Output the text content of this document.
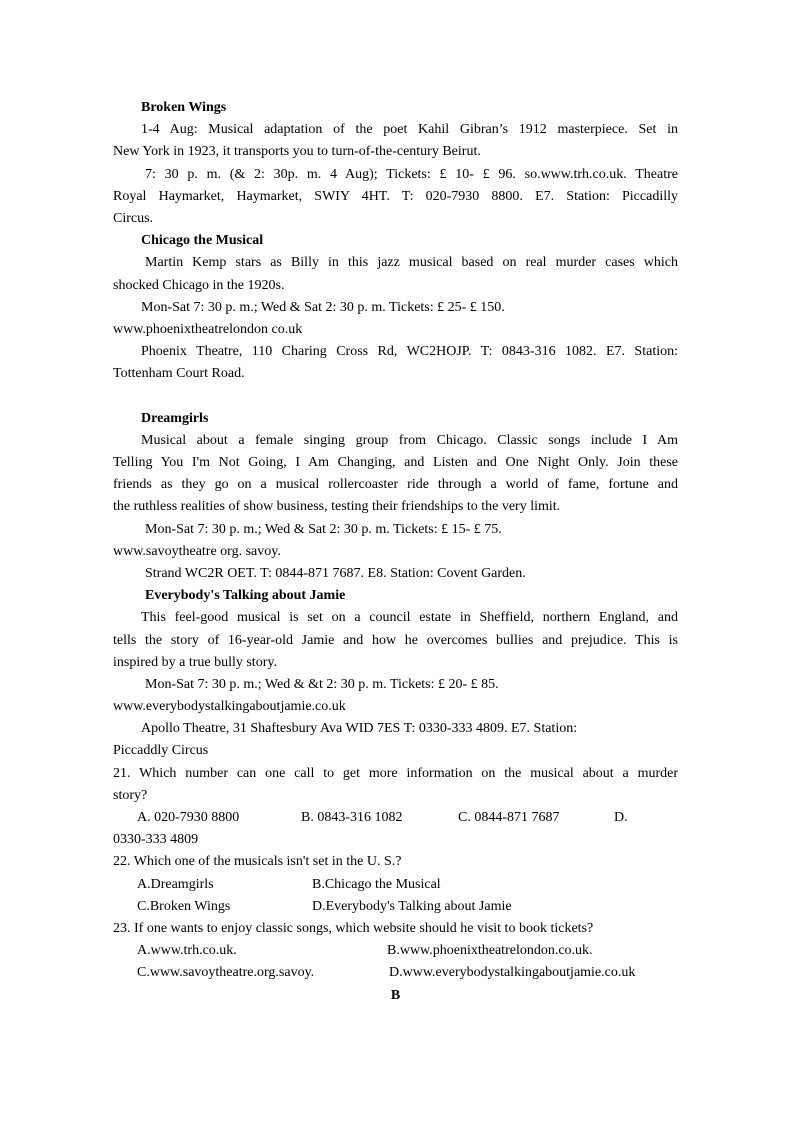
Broken Wings
1-4 Aug: Musical adaptation of the poet Kahil Gibran’s 1912 masterpiece. Set in
New York in 1923, it transports you to turn-of-the-century Beirut.
7: 30 p. m. (& 2: 30p. m. 4 Aug); Tickets: £ 10- £ 96. so.www.trh.co.uk. Theatre
Royal Haymarket, Haymarket, SWIY 4HT. T: 020-7930 8800. E7. Station: Piccadilly
Circus.
Chicago the Musical
Martin Kemp stars as Billy in this jazz musical based on real murder cases which
shocked Chicago in the 1920s.
Mon-Sat 7: 30 p. m.; Wed & Sat 2: 30 p. m. Tickets: £ 25- £ 150.
www.phoenixtheatrelondon co.uk
Phoenix Theatre, 110 Charing Cross Rd, WC2HOJP. T: 0843-316 1082. E7. Station:
Tottenham Court Road.
Dreamgirls
Musical about a female singing group from Chicago. Classic songs include I Am
Telling You I'm Not Going, I Am Changing, and Listen and One Night Only. Join these
friends as they go on a musical rollercoaster ride through a world of fame, fortune and
the ruthless realities of show business, testing their friendships to the very limit.
Mon-Sat 7: 30 p. m.; Wed & Sat 2: 30 p. m. Tickets: £ 15- £ 75.
www.savoytheatre org. savoy.
Strand WC2R OET. T: 0844-871 7687. E8. Station: Covent Garden.
Everybody's Talking about Jamie
This feel-good musical is set on a council estate in Sheffield, northern England, and
tells the story of 16-year-old Jamie and how he overcomes bullies and prejudice. This is
inspired by a true bully story.
Mon-Sat 7: 30 p. m.; Wed & &t 2: 30 p. m. Tickets: £ 20- £ 85.
www.everybodystalkingaboutjamie.co.uk
Apollo Theatre, 31 Shaftesbury Ava WID 7ES T: 0330-333 4809. E7. Station:
Piccaddly Circus
21. Which number can one call to get more information on the musical about a murder
story?
A. 020-7930 8800	B. 0843-316 1082	C. 0844-871 7687	D.
0330-333 4809
22. Which one of the musicals isn't set in the U. S.?
A.Dreamgirls	B.Chicago the Musical
C.Broken Wings	D.Everybody's Talking about Jamie
23. If one wants to enjoy classic songs, which website should he visit to book tickets?
A.www.trh.co.uk.	B.www.phoenixtheatrelondon.co.uk.
C.www.savoytheatre.org.savoy.	D.www.everybodystalkingaboutjamie.co.uk
B
